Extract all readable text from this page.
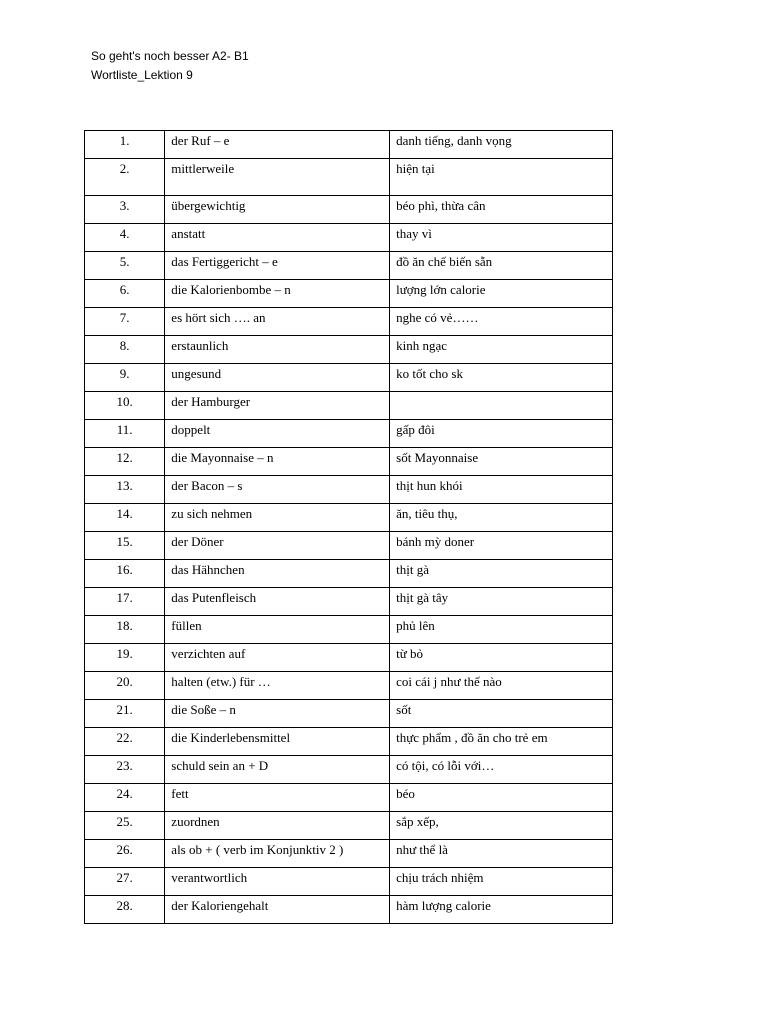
So geht's noch besser A2- B1
Wortliste_Lektion 9
1.	der Ruf – e	danh tiếng, danh vọng
2.	mittlerweile	hiện tại
3.	übergewichtig	béo phì, thừa cân
4.	anstatt	thay vì
5.	das Fertiggericht – e	đồ ăn chế biến sẵn
6.	die Kalorienbombe – n	lượng lớn calorie
7.	es hört sich …. an	nghe có vẻ……
8.	erstaunlich	kinh ngạc
9.	ungesund	ko tốt cho sk
10.	der Hamburger	
11.	doppelt	gấp đôi
12.	die Mayonnaise – n	sốt Mayonnaise
13.	der Bacon – s	thịt hun khói
14.	zu sich nehmen	ăn, tiêu thụ,
15.	der Döner	bánh mỳ doner
16.	das Hähnchen	thịt gà
17.	das Putenfleisch	thịt gà tây
18.	füllen	phủ lên
19.	verzichten auf	từ bỏ
20.	halten (etw.) für …	coi cái j như thế nào
21.	die Soße – n	sốt
22.	die Kinderlebensmittel	thực phẩm , đồ ăn cho trẻ em
23.	schuld sein an + D	có tội, có lỗi với…
24.	fett	béo
25.	zuordnen	sắp xếp,
26.	als ob + ( verb im Konjunktiv 2 )	như thể là
27.	verantwortlich	chịu trách nhiệm
28.	der Kaloriengehalt	hàm lượng calorie
